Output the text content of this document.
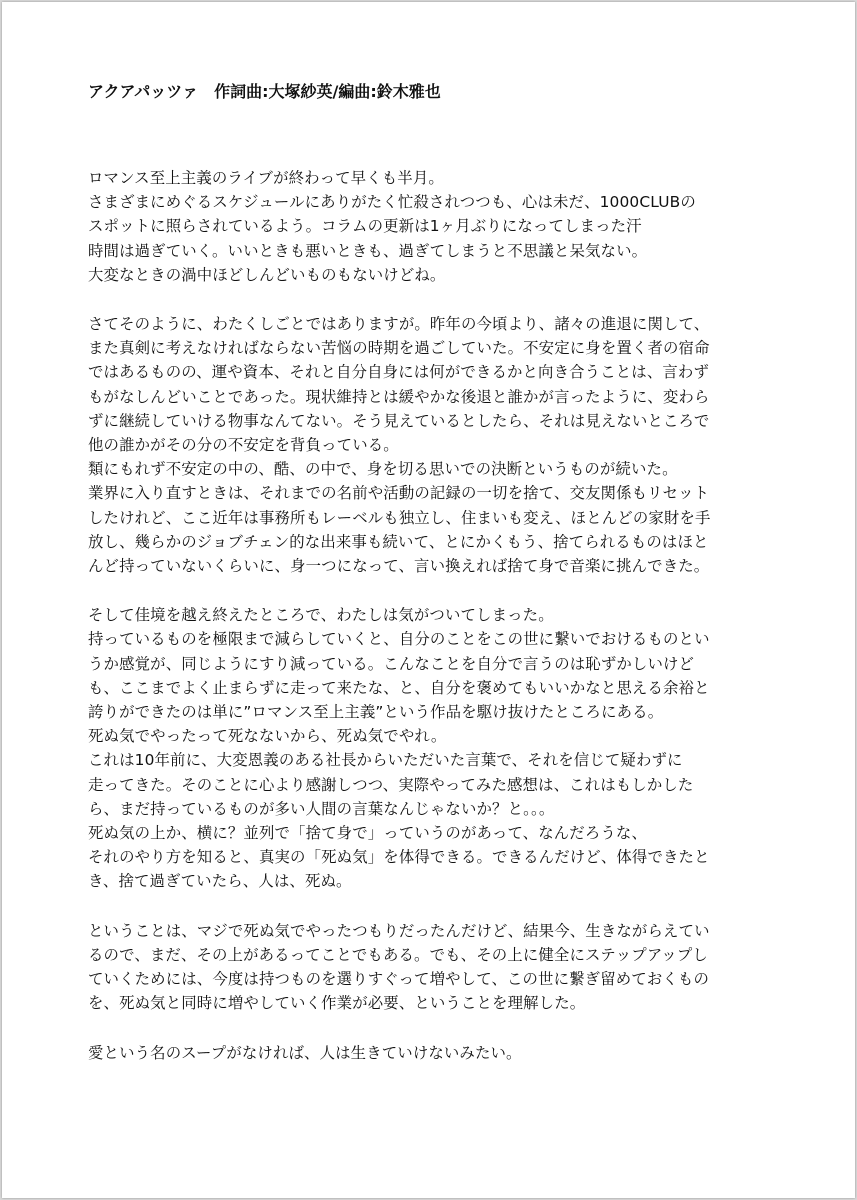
アクアパッツァ　作詞曲:大塚紗英/編曲:鈴木雅也
ロマンス至上主義のライブが終わって早くも半月。
さまざまにめぐるスケジュールにありがたく忙殺されつつも、心は未だ、1000CLUBの
スポットに照らされているよう。コラムの更新は1ヶ月ぶりになってしまった汗
時間は過ぎていく。いいときも悪いときも、過ぎてしまうと不思議と呆気ない。
大変なときの渦中ほどしんどいものもないけどね。
さてそのように、わたくしごとではありますが。昨年の今頃より、諸々の進退に関して、
また真剣に考えなければならない苦悩の時期を過ごしていた。不安定に身を置く者の宿命
ではあるものの、運や資本、それと自分自身には何ができるかと向き合うことは、言わず
もがなしんどいことであった。現状維持とは緩やかな後退と誰かが言ったように、変わら
ずに継続していける物事なんてない。そう見えているとしたら、それは見えないところで
他の誰かがその分の不安定を背負っている。
類にもれず不安定の中の、酷、の中で、身を切る思いでの決断というものが続いた。
業界に入り直すときは、それまでの名前や活動の記録の一切を捨て、交友関係もリセット
したけれど、ここ近年は事務所もレーベルも独立し、住まいも変え、ほとんどの家財を手
放し、幾らかのジョブチェン的な出来事も続いて、とにかくもう、捨てられるものはほと
んど持っていないくらいに、身一つになって、言い換えれば捨て身で音楽に挑んできた。
そして佳境を越え終えたところで、わたしは気がついてしまった。
持っているものを極限まで減らしていくと、自分のことをこの世に繋いでおけるものとい
うか感覚が、同じようにすり減っている。こんなことを自分で言うのは恥ずかしいけど
も、ここまでよく止まらずに走って来たな、と、自分を褒めてもいいかなと思える余裕と
誇りができたのは単に”ロマンス至上主義”という作品を駆け抜けたところにある。
死ぬ気でやったって死なないから、死ぬ気でやれ。
これは10年前に、大変恩義のある社長からいただいた言葉で、それを信じて疑わずに
走ってきた。そのことに心より感謝しつつ、実際やってみた感想は、これはもしかした
ら、まだ持っているものが多い人間の言葉なんじゃないか？と。。。
死ぬ気の上か、横に？並列で「捨て身で」っていうのがあって、なんだろうな、
それのやり方を知ると、真実の「死ぬ気」を体得できる。できるんだけど、体得できたと
き、捨て過ぎていたら、人は、死ぬ。
ということは、マジで死ぬ気でやったつもりだったんだけど、結果今、生きながらえてい
るので、まだ、その上があるってことでもある。でも、その上に健全にステップアップし
ていくためには、今度は持つものを選りすぐって増やして、この世に繋ぎ留めておくもの
を、死ぬ気と同時に増やしていく作業が必要、ということを理解した。
愛という名のスープがなければ、人は生きていけないみたい。
